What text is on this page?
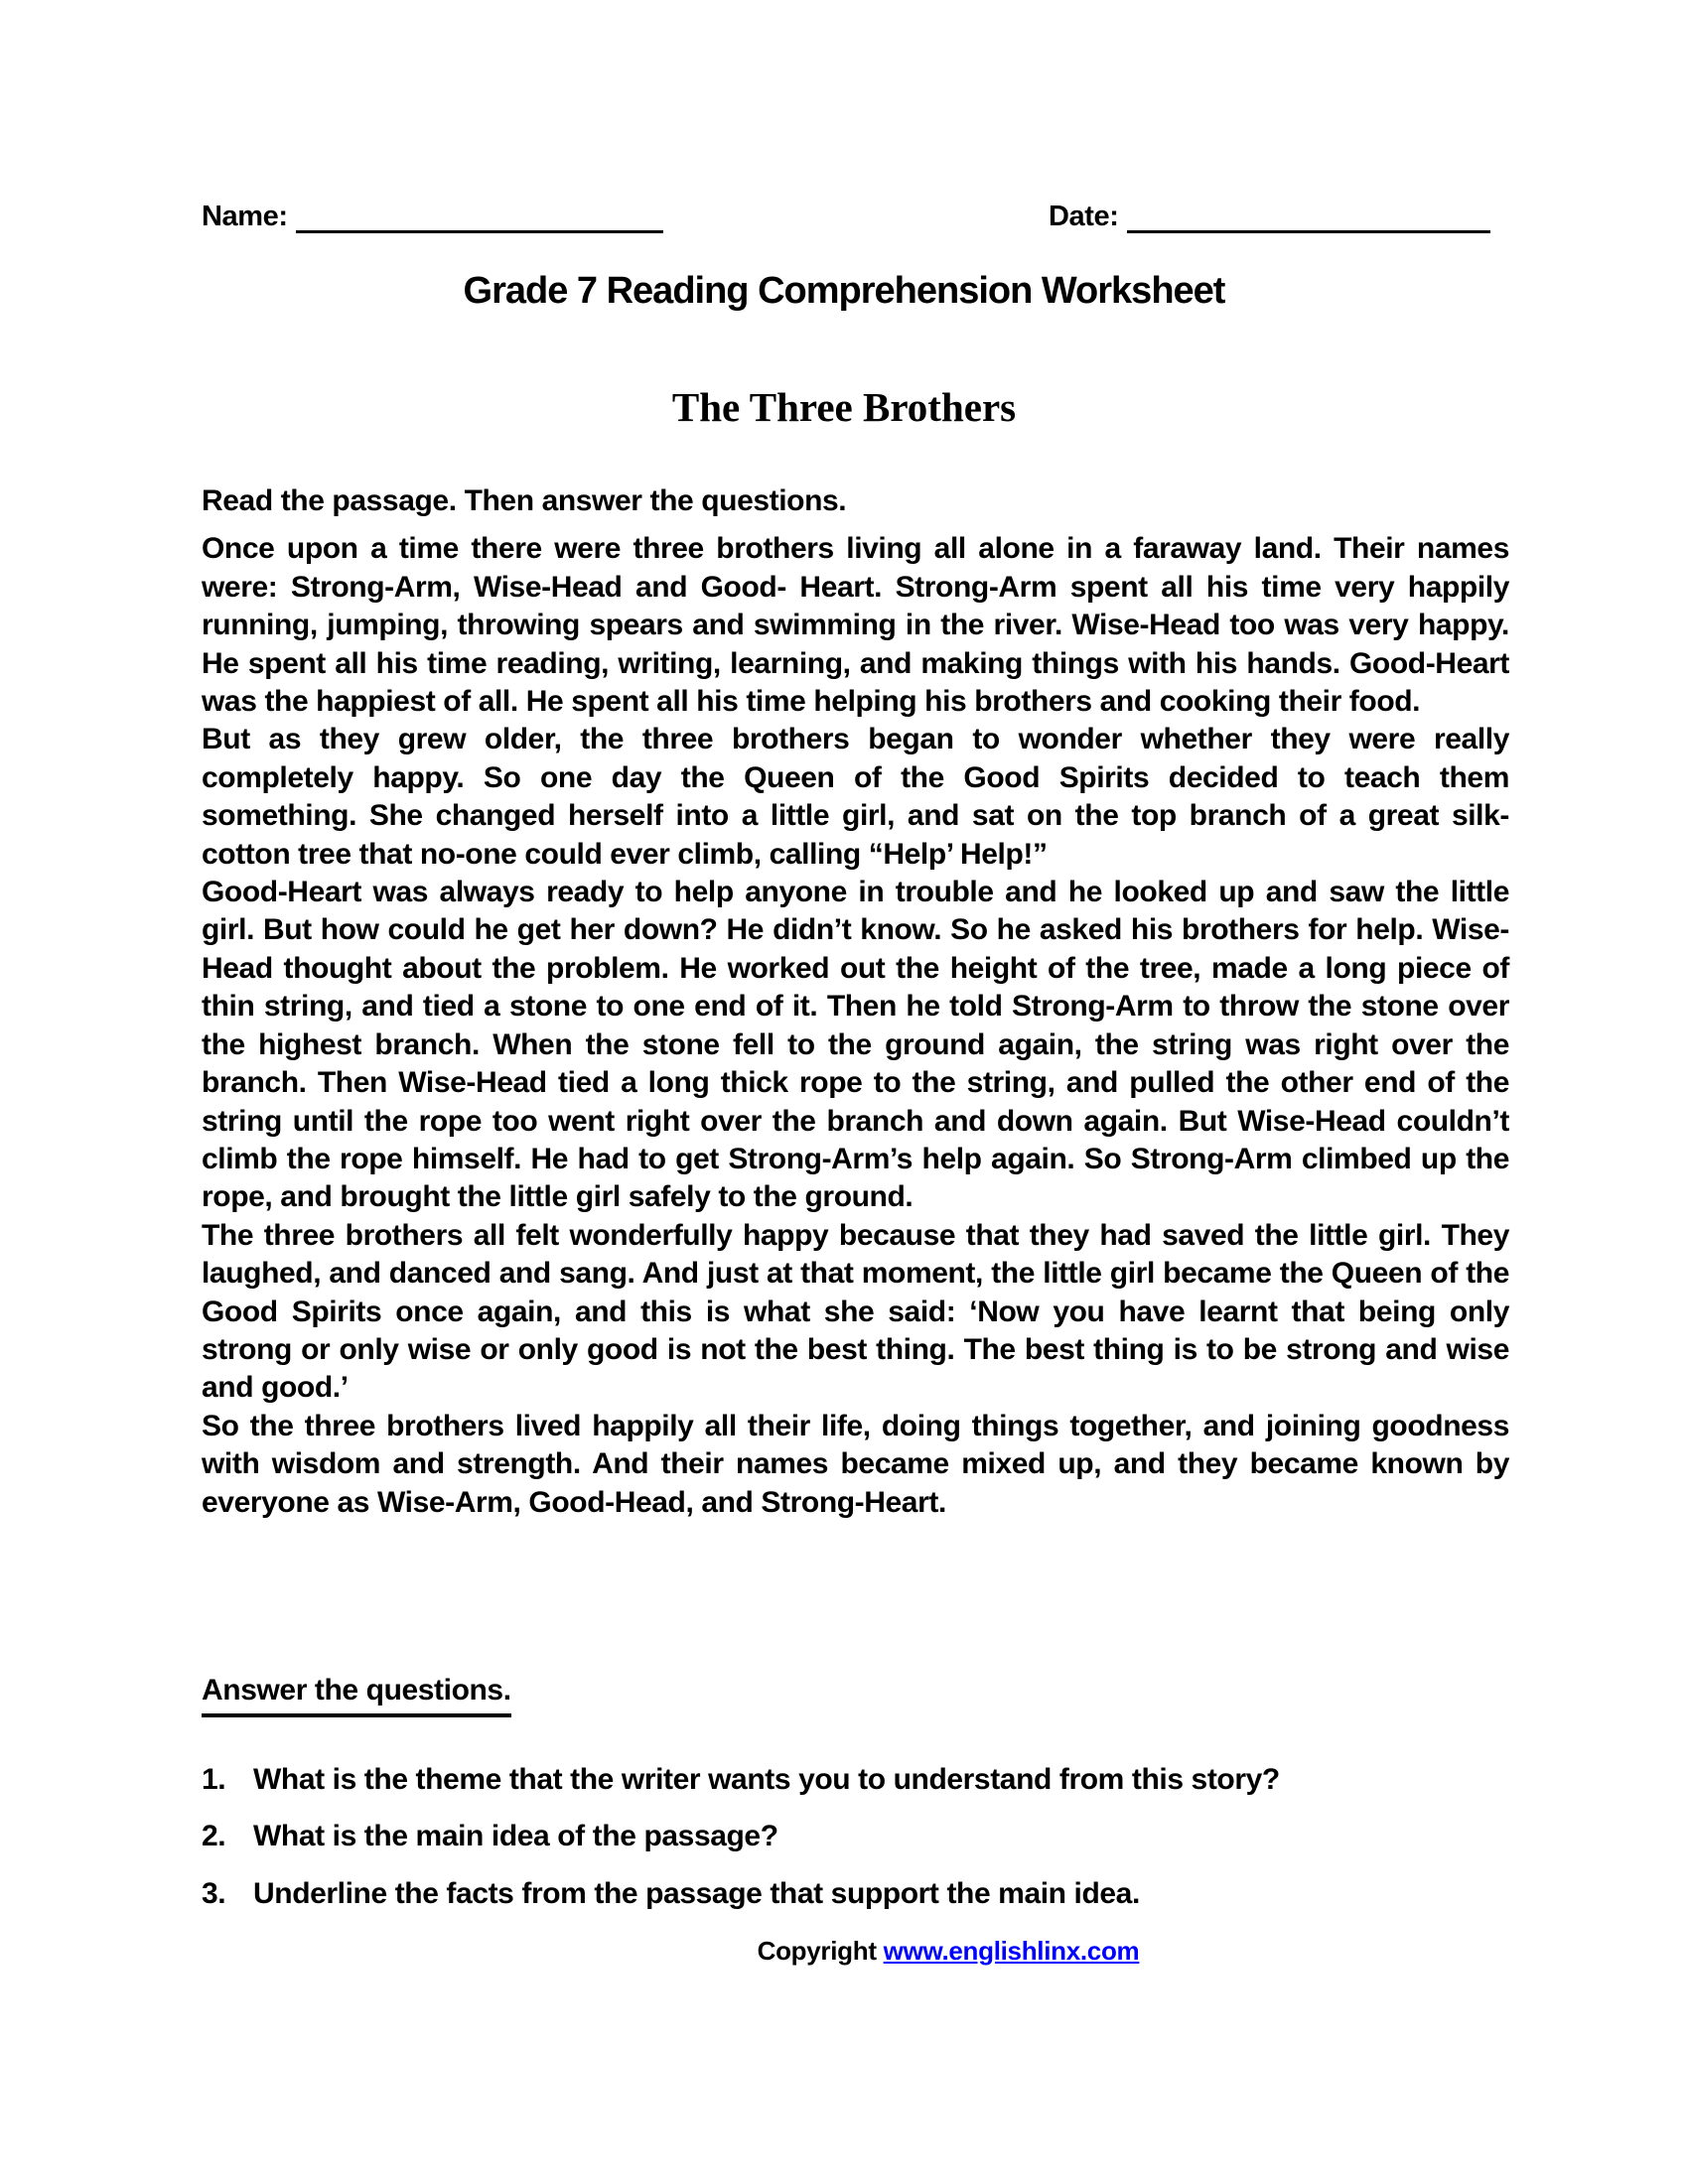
Name:	Date:
Grade 7 Reading Comprehension Worksheet
The Three Brothers
Read the passage. Then answer the questions.

Once upon a time there were three brothers living all alone in a faraway land. Their names were: Strong-Arm, Wise-Head and Good- Heart. Strong-Arm spent all his time very happily running, jumping, throwing spears and swimming in the river. Wise-Head too was very happy. He spent all his time reading, writing, learning, and making things with his hands. Good-Heart was the happiest of all. He spent all his time helping his brothers and cooking their food.

But as they grew older, the three brothers began to wonder whether they were really completely happy. So one day the Queen of the Good Spirits decided to teach them something. She changed herself into a little girl, and sat on the top branch of a great silk-cotton tree that no-one could ever climb, calling “Help’ Help!”

Good-Heart was always ready to help anyone in trouble and he looked up and saw the little girl. But how could he get her down? He didn’t know. So he asked his brothers for help. Wise-Head thought about the problem. He worked out the height of the tree, made a long piece of thin string, and tied a stone to one end of it. Then he told Strong-Arm to throw the stone over the highest branch. When the stone fell to the ground again, the string was right over the branch. Then Wise-Head tied a long thick rope to the string, and pulled the other end of the string until the rope too went right over the branch and down again. But Wise-Head couldn’t climb the rope himself. He had to get Strong-Arm’s help again. So Strong-Arm climbed up the rope, and brought the little girl safely to the ground.

The three brothers all felt wonderfully happy because that they had saved the little girl. They laughed, and danced and sang. And just at that moment, the little girl became the Queen of the Good Spirits once again, and this is what she said: ‘Now you have learnt that being only strong or only wise or only good is not the best thing. The best thing is to be strong and wise and good.’

So the three brothers lived happily all their life, doing things together, and joining goodness with wisdom and strength. And their names became mixed up, and they became known by everyone as Wise-Arm, Good-Head, and Strong-Heart.

Answer the questions.
1. What is the theme that the writer wants you to understand from this story?
2. What is the main idea of the passage?
3. Underline the facts from the passage that support the main idea.
Copyright www.englishlinx.com
